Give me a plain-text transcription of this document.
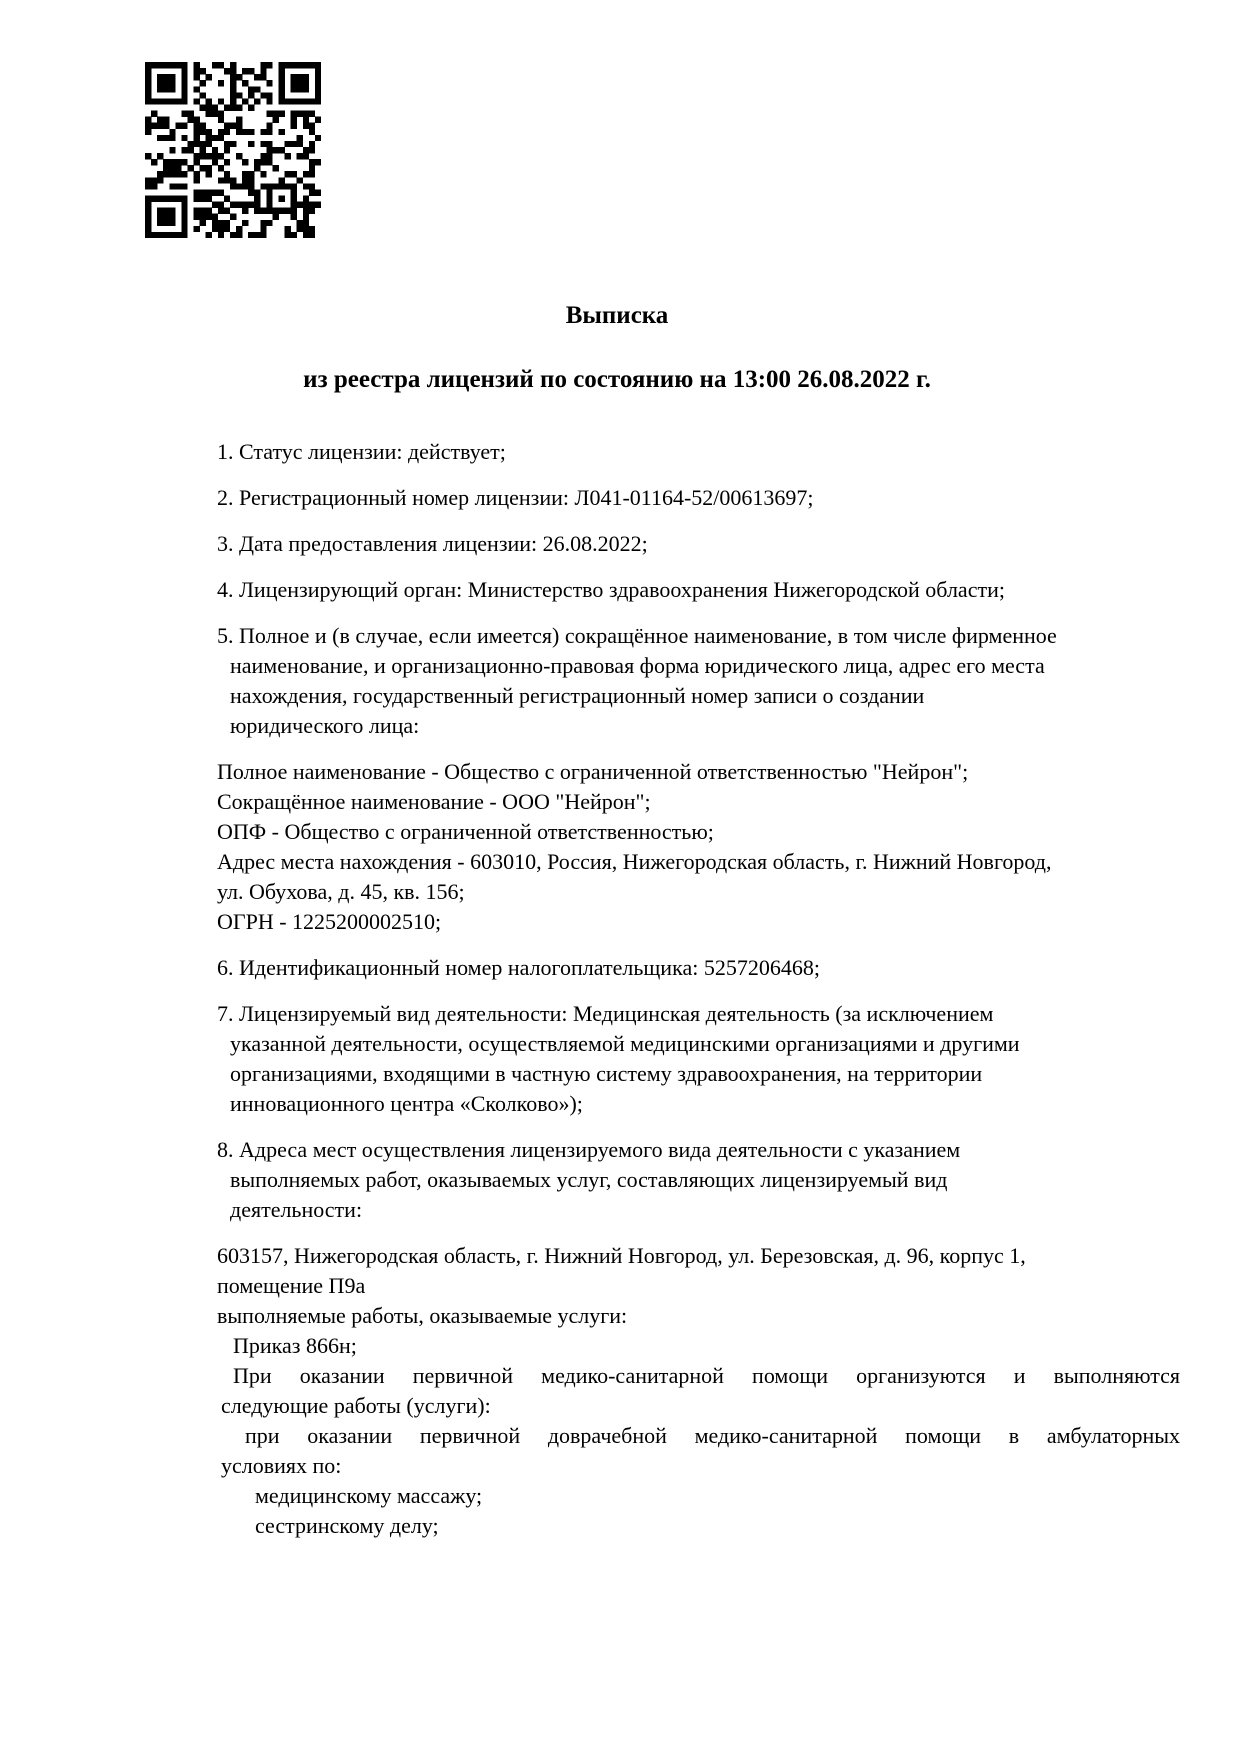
Выписка
из реестра лицензий по состоянию на 13:00 26.08.2022 г.

1. Статус лицензии: действует;

2. Регистрационный номер лицензии: Л041-01164-52/00613697;

3. Дата предоставления лицензии: 26.08.2022;

4. Лицензирующий орган: Министерство здравоохранения Нижегородской области;

5. Полное и (в случае, если имеется) сокращённое наименование, в том числе фирменное

наименование, и организационно-правовая форма юридического лица, адрес его места

нахождения, государственный регистрационный номер записи о создании

юридического лица:

Полное наименование - Общество с ограниченной ответственностью "Нейрон";

Сокращённое наименование - ООО "Нейрон";

ОПФ - Общество с ограниченной ответственностью;

Адрес места нахождения - 603010, Россия, Нижегородская область, г. Нижний Новгород,

ул. Обухова, д. 45, кв. 156;

ОГРН - 1225200002510;

6. Идентификационный номер налогоплательщика: 5257206468;

7. Лицензируемый вид деятельности: Медицинская деятельность (за исключением

указанной деятельности, осуществляемой медицинскими организациями и другими

организациями, входящими в частную систему здравоохранения, на территории

инновационного центра «Сколково»);

8. Адреса мест осуществления лицензируемого вида деятельности с указанием

выполняемых работ, оказываемых услуг, составляющих лицензируемый вид

деятельности:

603157, Нижегородская область, г. Нижний Новгород, ул. Березовская, д. 96, корпус 1,

помещение П9а

выполняемые работы, оказываемые услуги:

Приказ 866н;

При оказании первичной медико-санитарной помощи организуются и выполняются

следующие работы (услуги):

при оказании первичной доврачебной медико-санитарной помощи в амбулаторных

условиях по:

медицинскому массажу;

сестринскому делу;
